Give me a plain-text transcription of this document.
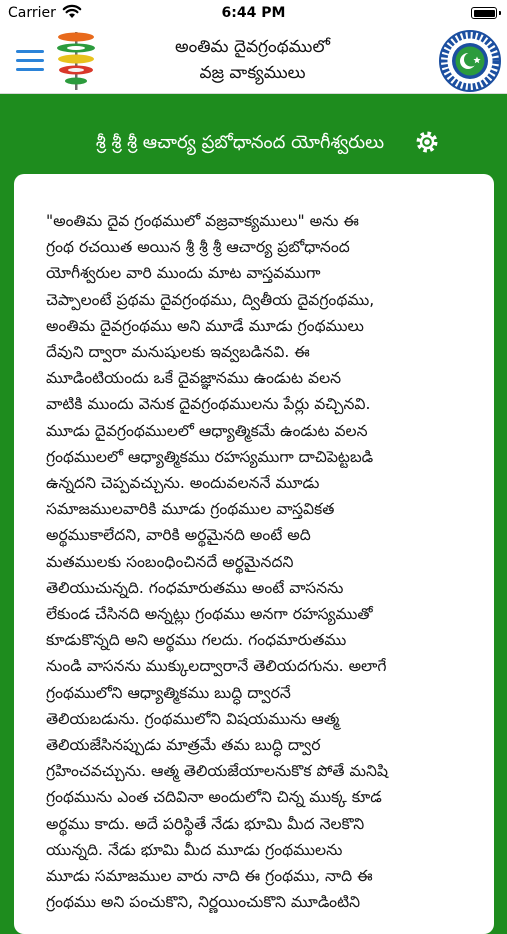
Carrier	6:44 PM
అంతిమ దైవగ్రంథములో
వజ్ర వాక్యములు
శ్రీ శ్రీ శ్రీ ఆచార్య ప్రబోధానంద యోగీశ్వరులు
"అంతిమ దైవ గ్రంథములో వజ్రవాక్యములు" అను ఈ
గ్రంథ రచయిత అయిన శ్రీ శ్రీ శ్రీ ఆచార్య ప్రబోధానంద
యోగీశ్వరుల వారి ముందు మాట వాస్తవముగా
చెప్పాలంటే ప్రథమ దైవగ్రంథము, ద్వితీయ దైవగ్రంథము,
అంతిమ దైవగ్రంథము అని మూడే మూడు గ్రంథములు
దేవుని ద్వారా మనుషులకు ఇవ్వబడినవి. ఈ
మూడింటియందు ఒకే దైవజ్ఞానము ఉండుట వలన
వాటికి ముందు వెనుక దైవగ్రంథములను పేర్లు వచ్చినవి.
మూడు దైవగ్రంథములలో ఆధ్యాత్మికమే ఉండుట వలన
గ్రంథములలో ఆధ్యాత్మికము రహస్యముగా దాచిపెట్టబడి
ఉన్నదని చెప్పవచ్చును. అందువలననే మూడు
సమాజములవారికి మూడు గ్రంథముల వాస్తవికత
అర్థముకాలేదని, వారికి అర్థమైనది అంటే అది
మతములకు సంబంధించినదే అర్థమైనదని
తెలియుచున్నది. గంధమారుతము అంటే వాసనను
లేకుండ చేసినది అన్నట్లు గ్రంథము అనగా రహస్యముతో
కూడుకొన్నది అని అర్థము గలదు. గంధమారుతము
నుండి వాసనను ముక్కులద్వారానే తెలియదగును. అలాగే
గ్రంథములోని ఆధ్యాత్మికము బుద్ధి ద్వారనే
తెలియబడును. గ్రంథములోని విషయమును ఆత్మ
తెలియజేసినప్పుడు మాత్రమే తమ బుద్ధి ద్వార
గ్రహించవచ్చును. ఆత్మ తెలియజేయాలనుకొక పోతే మనిషి
గ్రంథమును ఎంత చదివినా అందులోని చిన్న ముక్క కూడ
అర్థము కాదు. అదే పరిస్థితే నేడు భూమి మీద నెలకొని
యున్నది. నేడు భూమి మీద మూడు గ్రంథములను
మూడు సమాజముల వారు నాది ఈ గ్రంథము, నాది ఈ
గ్రంథము అని పంచుకొని, నిర్ణయించుకొని మూడింటిని
